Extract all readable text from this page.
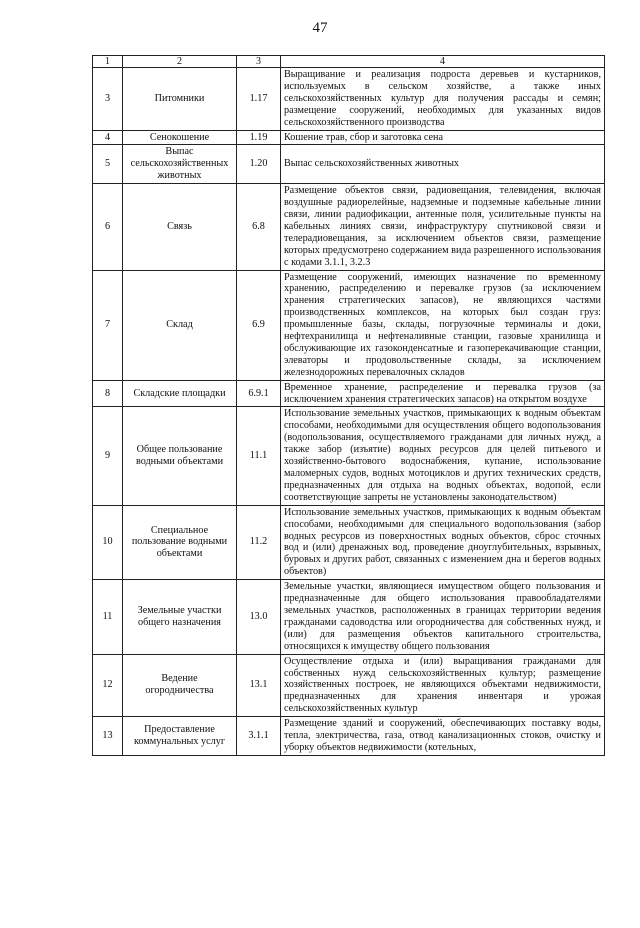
47
1	2	3	4
3	Питомники	1.17	Выращивание и реализация подроста деревьев и кустарников, используемых в сельском хозяйстве, а также иных сельскохозяйственных культур для получения рассады и семян; размещение сооружений, необходимых для указанных видов сельскохозяйственного производства
4	Сенокошение	1.19	Кошение трав, сбор и заготовка сена
5	Выпас сельскохозяйственных животных	1.20	Выпас сельскохозяйственных животных
6	Связь	6.8	Размещение объектов связи, радиовещания, телевидения, включая воздушные радиорелейные, надземные и подземные кабельные линии связи, линии радиофикации, антенные поля, усилительные пункты на кабельных линиях связи, инфраструктуру спутниковой связи и телерадиовещания, за исключением объектов связи, размещение которых предусмотрено содержанием вида разрешенного использования с кодами 3.1.1, 3.2.3
7	Склад	6.9	Размещение сооружений, имеющих назначение по временному хранению, распределению и перевалке грузов (за исключением хранения стратегических запасов), не являющихся частями производственных комплексов, на которых был создан груз: промышленные базы, склады, погрузочные терминалы и доки, нефтехранилища и нефтеналивные станции, газовые хранилища и обслуживающие их газоконденсатные и газоперекачивающие станции, элеваторы и продовольственные склады, за исключением железнодорожных перевалочных складов
8	Складские площадки	6.9.1	Временное хранение, распределение и перевалка грузов (за исключением хранения стратегических запасов) на открытом воздухе
9	Общее пользование водными объектами	11.1	Использование земельных участков, примыкающих к водным объектам способами, необходимыми для осуществления общего водопользования (водопользования, осуществляемого гражданами для личных нужд, а также забор (изъятие) водных ресурсов для целей питьевого и хозяйственно-бытового водоснабжения, купание, использование маломерных судов, водных мотоциклов и других технических средств, предназначенных для отдыха на водных объектах, водопой, если соответствующие запреты не установлены законодательством)
10	Специальное пользование водными объектами	11.2	Использование земельных участков, примыкающих к водным объектам способами, необходимыми для специального водопользования (забор водных ресурсов из поверхностных водных объектов, сброс сточных вод и (или) дренажных вод, проведение дноуглубительных, взрывных, буровых и других работ, связанных с изменением дна и берегов водных объектов)
11	Земельные участки общего назначения	13.0	Земельные участки, являющиеся имуществом общего пользования и предназначенные для общего использования правообладателями земельных участков, расположенных в границах территории ведения гражданами садоводства или огородничества для собственных нужд, и (или) для размещения объектов капитального строительства, относящихся к имуществу общего пользования
12	Ведение огородничества	13.1	Осуществление отдыха и (или) выращивания гражданами для собственных нужд сельскохозяйственных культур; размещение хозяйственных построек, не являющихся объектами недвижимости, предназначенных для хранения инвентаря и урожая сельскохозяйственных культур
13	Предоставление коммунальных услуг	3.1.1	Размещение зданий и сооружений, обеспечивающих поставку воды, тепла, электричества, газа, отвод канализационных стоков, очистку и уборку объектов недвижимости (котельных,
